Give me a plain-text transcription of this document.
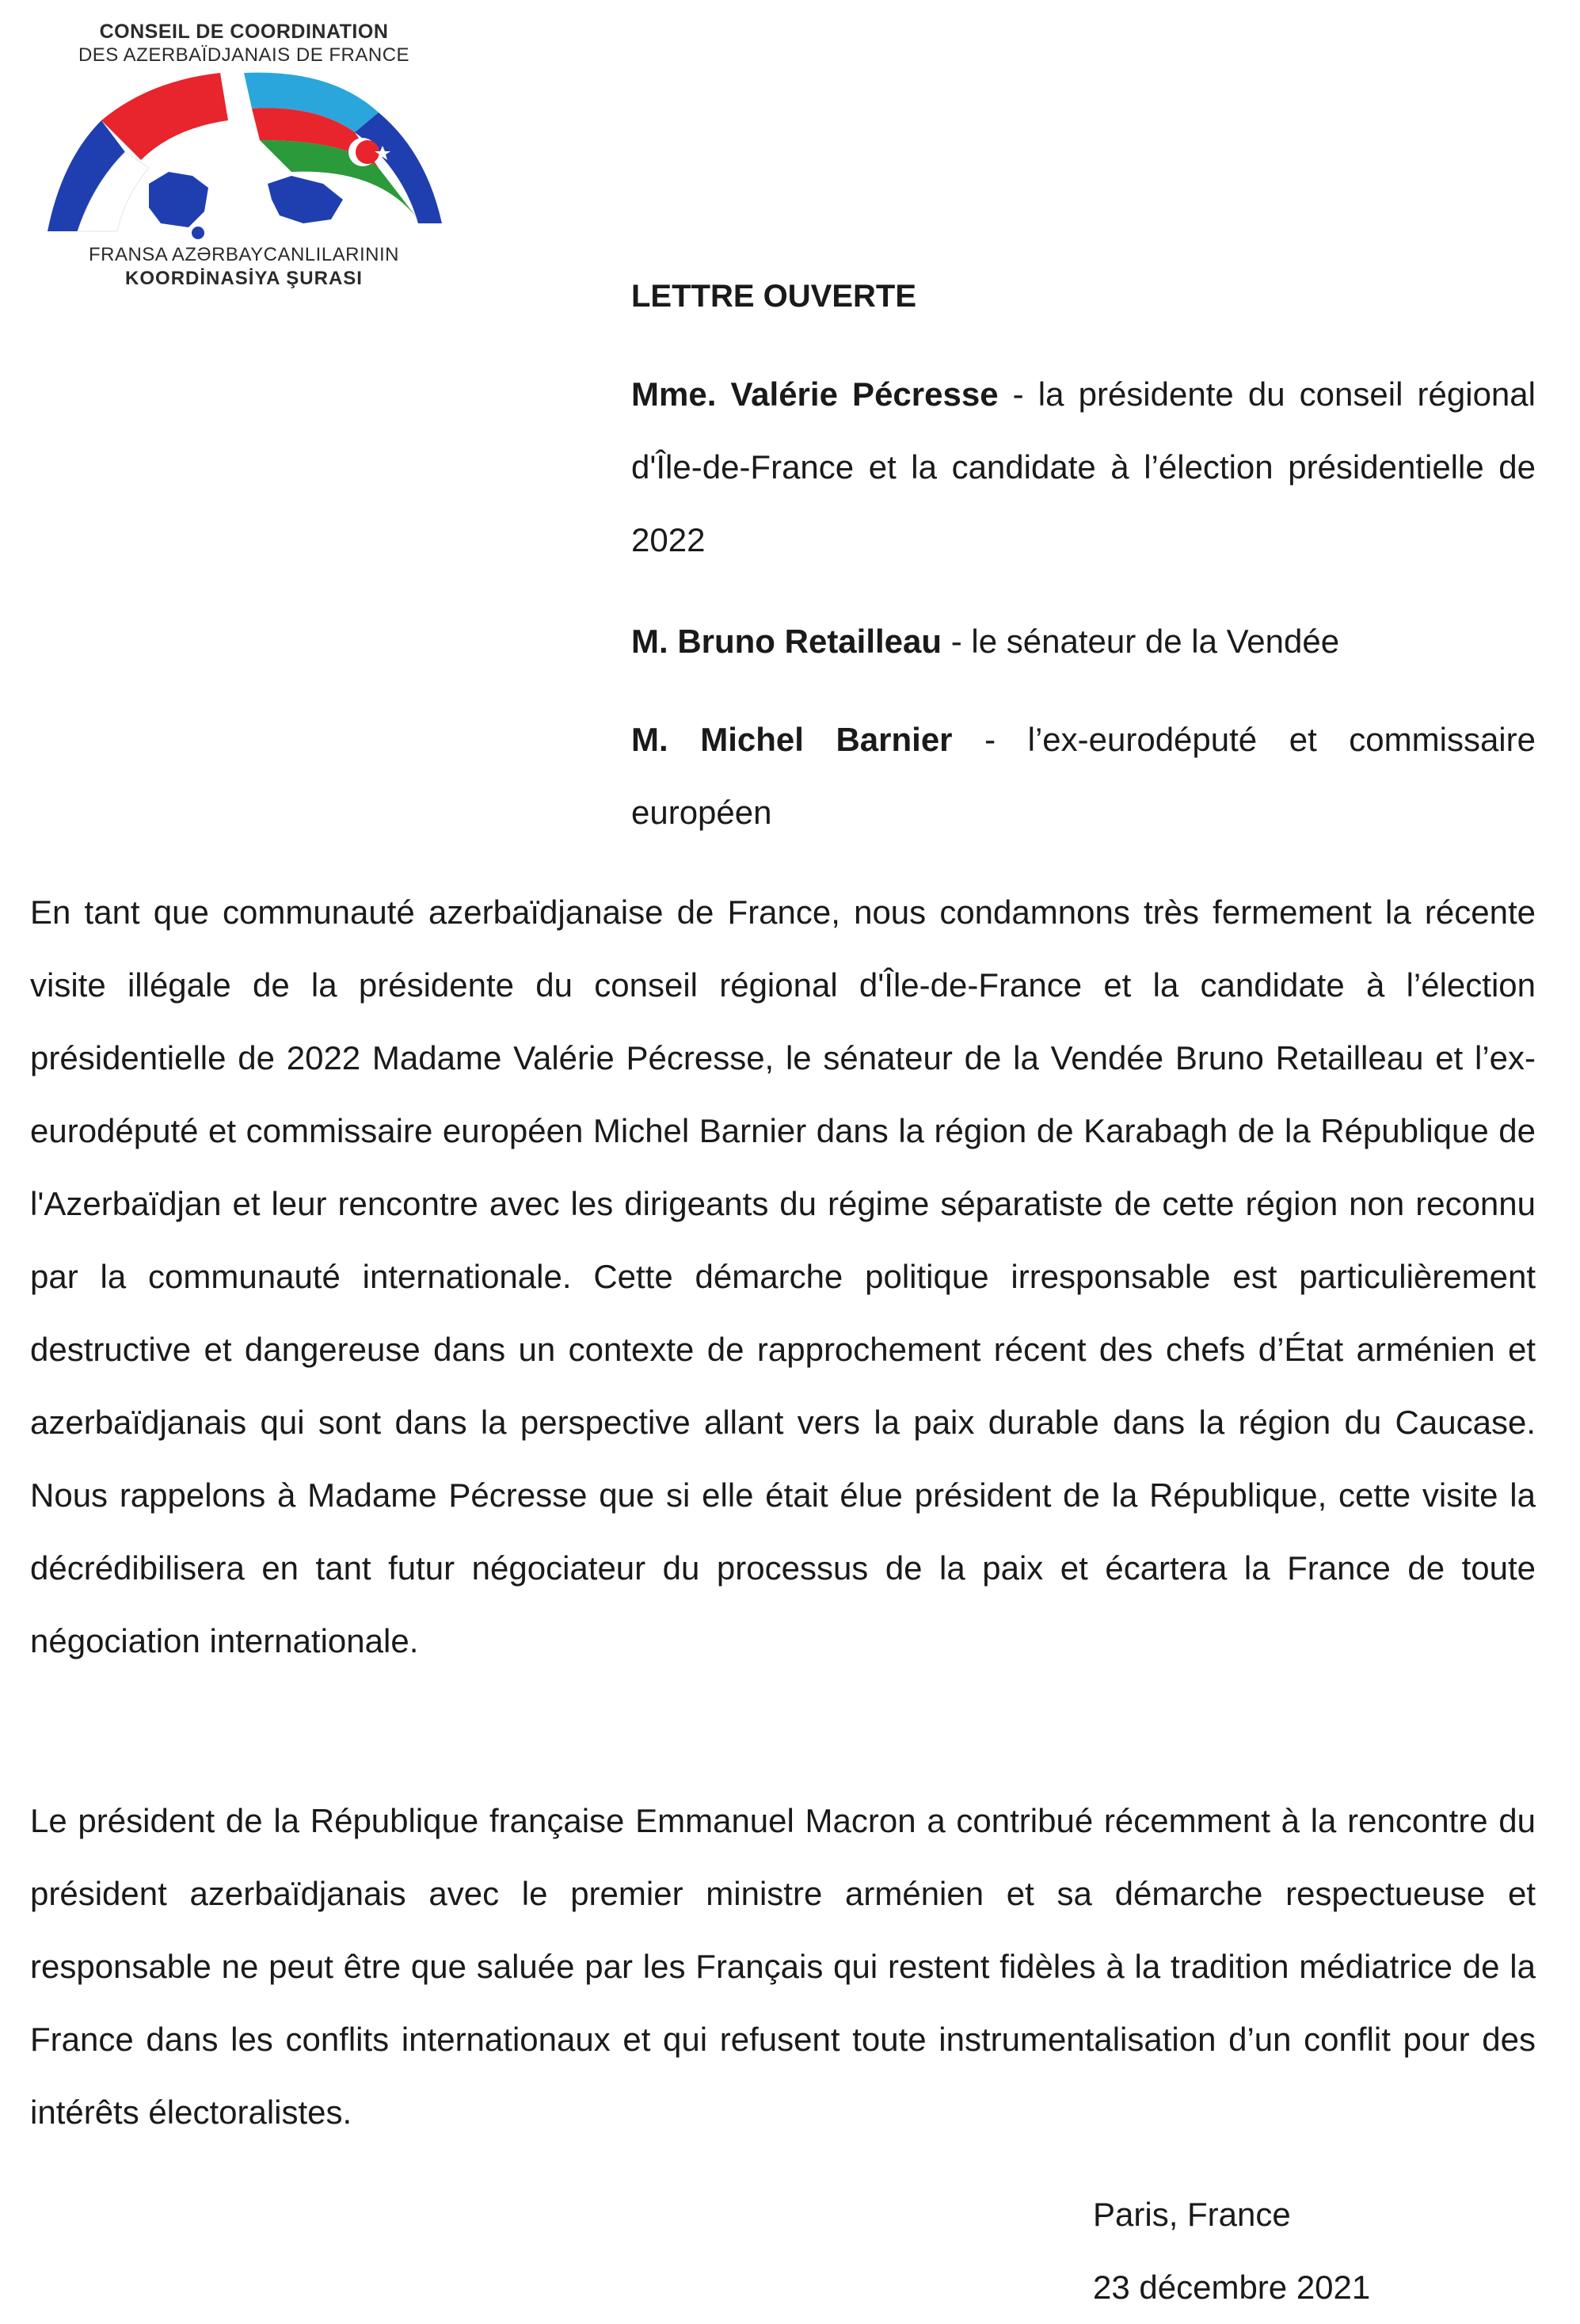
CONSEIL DE COORDINATION
DES AZERBAÏDJANAIS DE FRANCE
FRANSA AZƏRBAYCANLILARININ
KOORDİNASİYA ŞURASI
LETTRE OUVERTE
Mme. Valérie Pécresse - la présidente du conseil régional d'Île-de-France et la candidate à l’élection présidentielle de 2022
M. Bruno Retailleau - le sénateur de la Vendée
M. Michel Barnier - l’ex-eurodéputé et commissaire européen
En tant que communauté azerbaïdjanaise de France, nous condamnons très fermement la récente visite illégale de la présidente du conseil régional d'Île-de-France et la candidate à l’élection présidentielle de 2022 Madame Valérie Pécresse, le sénateur de la Vendée Bruno Retailleau et l’ex-eurodéputé et commissaire européen Michel Barnier dans la région de Karabagh de la République de l'Azerbaïdjan et leur rencontre avec les dirigeants du régime séparatiste de cette région non reconnu par la communauté internationale. Cette démarche politique irresponsable est particulièrement destructive et dangereuse dans un contexte de rapprochement récent des chefs d’État arménien et azerbaïdjanais qui sont dans la perspective allant vers la paix durable dans la région du Caucase. Nous rappelons à Madame Pécresse que si elle était élue président de la République, cette visite la décrédibilisera en tant futur négociateur du processus de la paix et écartera la France de toute négociation internationale.
Le président de la République française Emmanuel Macron a contribué récemment à la rencontre du président azerbaïdjanais avec le premier ministre arménien et sa démarche respectueuse et responsable ne peut être que saluée par les Français qui restent fidèles à la tradition médiatrice de la France dans les conflits internationaux et qui refusent toute instrumentalisation d’un conflit pour des intérêts électoralistes.
Paris, France
23 décembre 2021
